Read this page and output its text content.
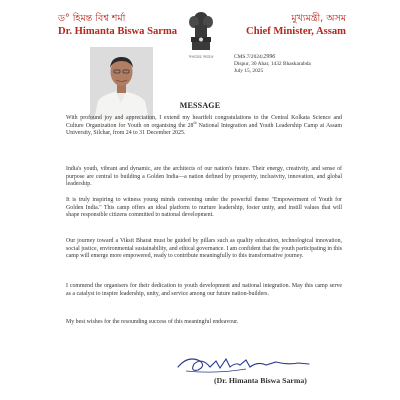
ড° হিমন্ত বিশ্ব শৰ্মা
Dr. Himanta Biswa Sarma
সত্যমেৱ জয়তে
মুখ্যমন্ত্ৰী, অসম
Chief Minister, Assam
CMS.7/2024/2996
Dispur, 30 Ahar, 1432 Bhaskarabda
July 15, 2025
MESSAGE
With profound joy and appreciation, I extend my heartfelt congratulations to the Central Kolkata Science and Culture Organization for Youth on organising the 28th National Integration and Youth Leadership Camp at Assam University, Silchar, from 24 to 31 December 2025.
India's youth, vibrant and dynamic, are the architects of our nation's future. Their energy, creativity, and sense of purpose are central to building a Golden India—a nation defined by prosperity, inclusivity, innovation, and global leadership.
It is truly inspiring to witness young minds convening under the powerful theme "Empowerment of Youth for Golden India." This camp offers an ideal platform to nurture leadership, foster unity, and instill values that will shape responsible citizens committed to national development.
Our journey toward a Viksit Bharat must be guided by pillars such as quality education, technological innovation, social justice, environmental sustainability, and ethical governance. I am confident that the youth participating in this camp will emerge more empowered, ready to contribute meaningfully to this transformative journey.
I commend the organisers for their dedication to youth development and national integration. May this camp serve as a catalyst to inspire leadership, unity, and service among our future nation-builders.
My best wishes for the resounding success of this meaningful endeavour.
(Dr. Himanta Biswa Sarma)
